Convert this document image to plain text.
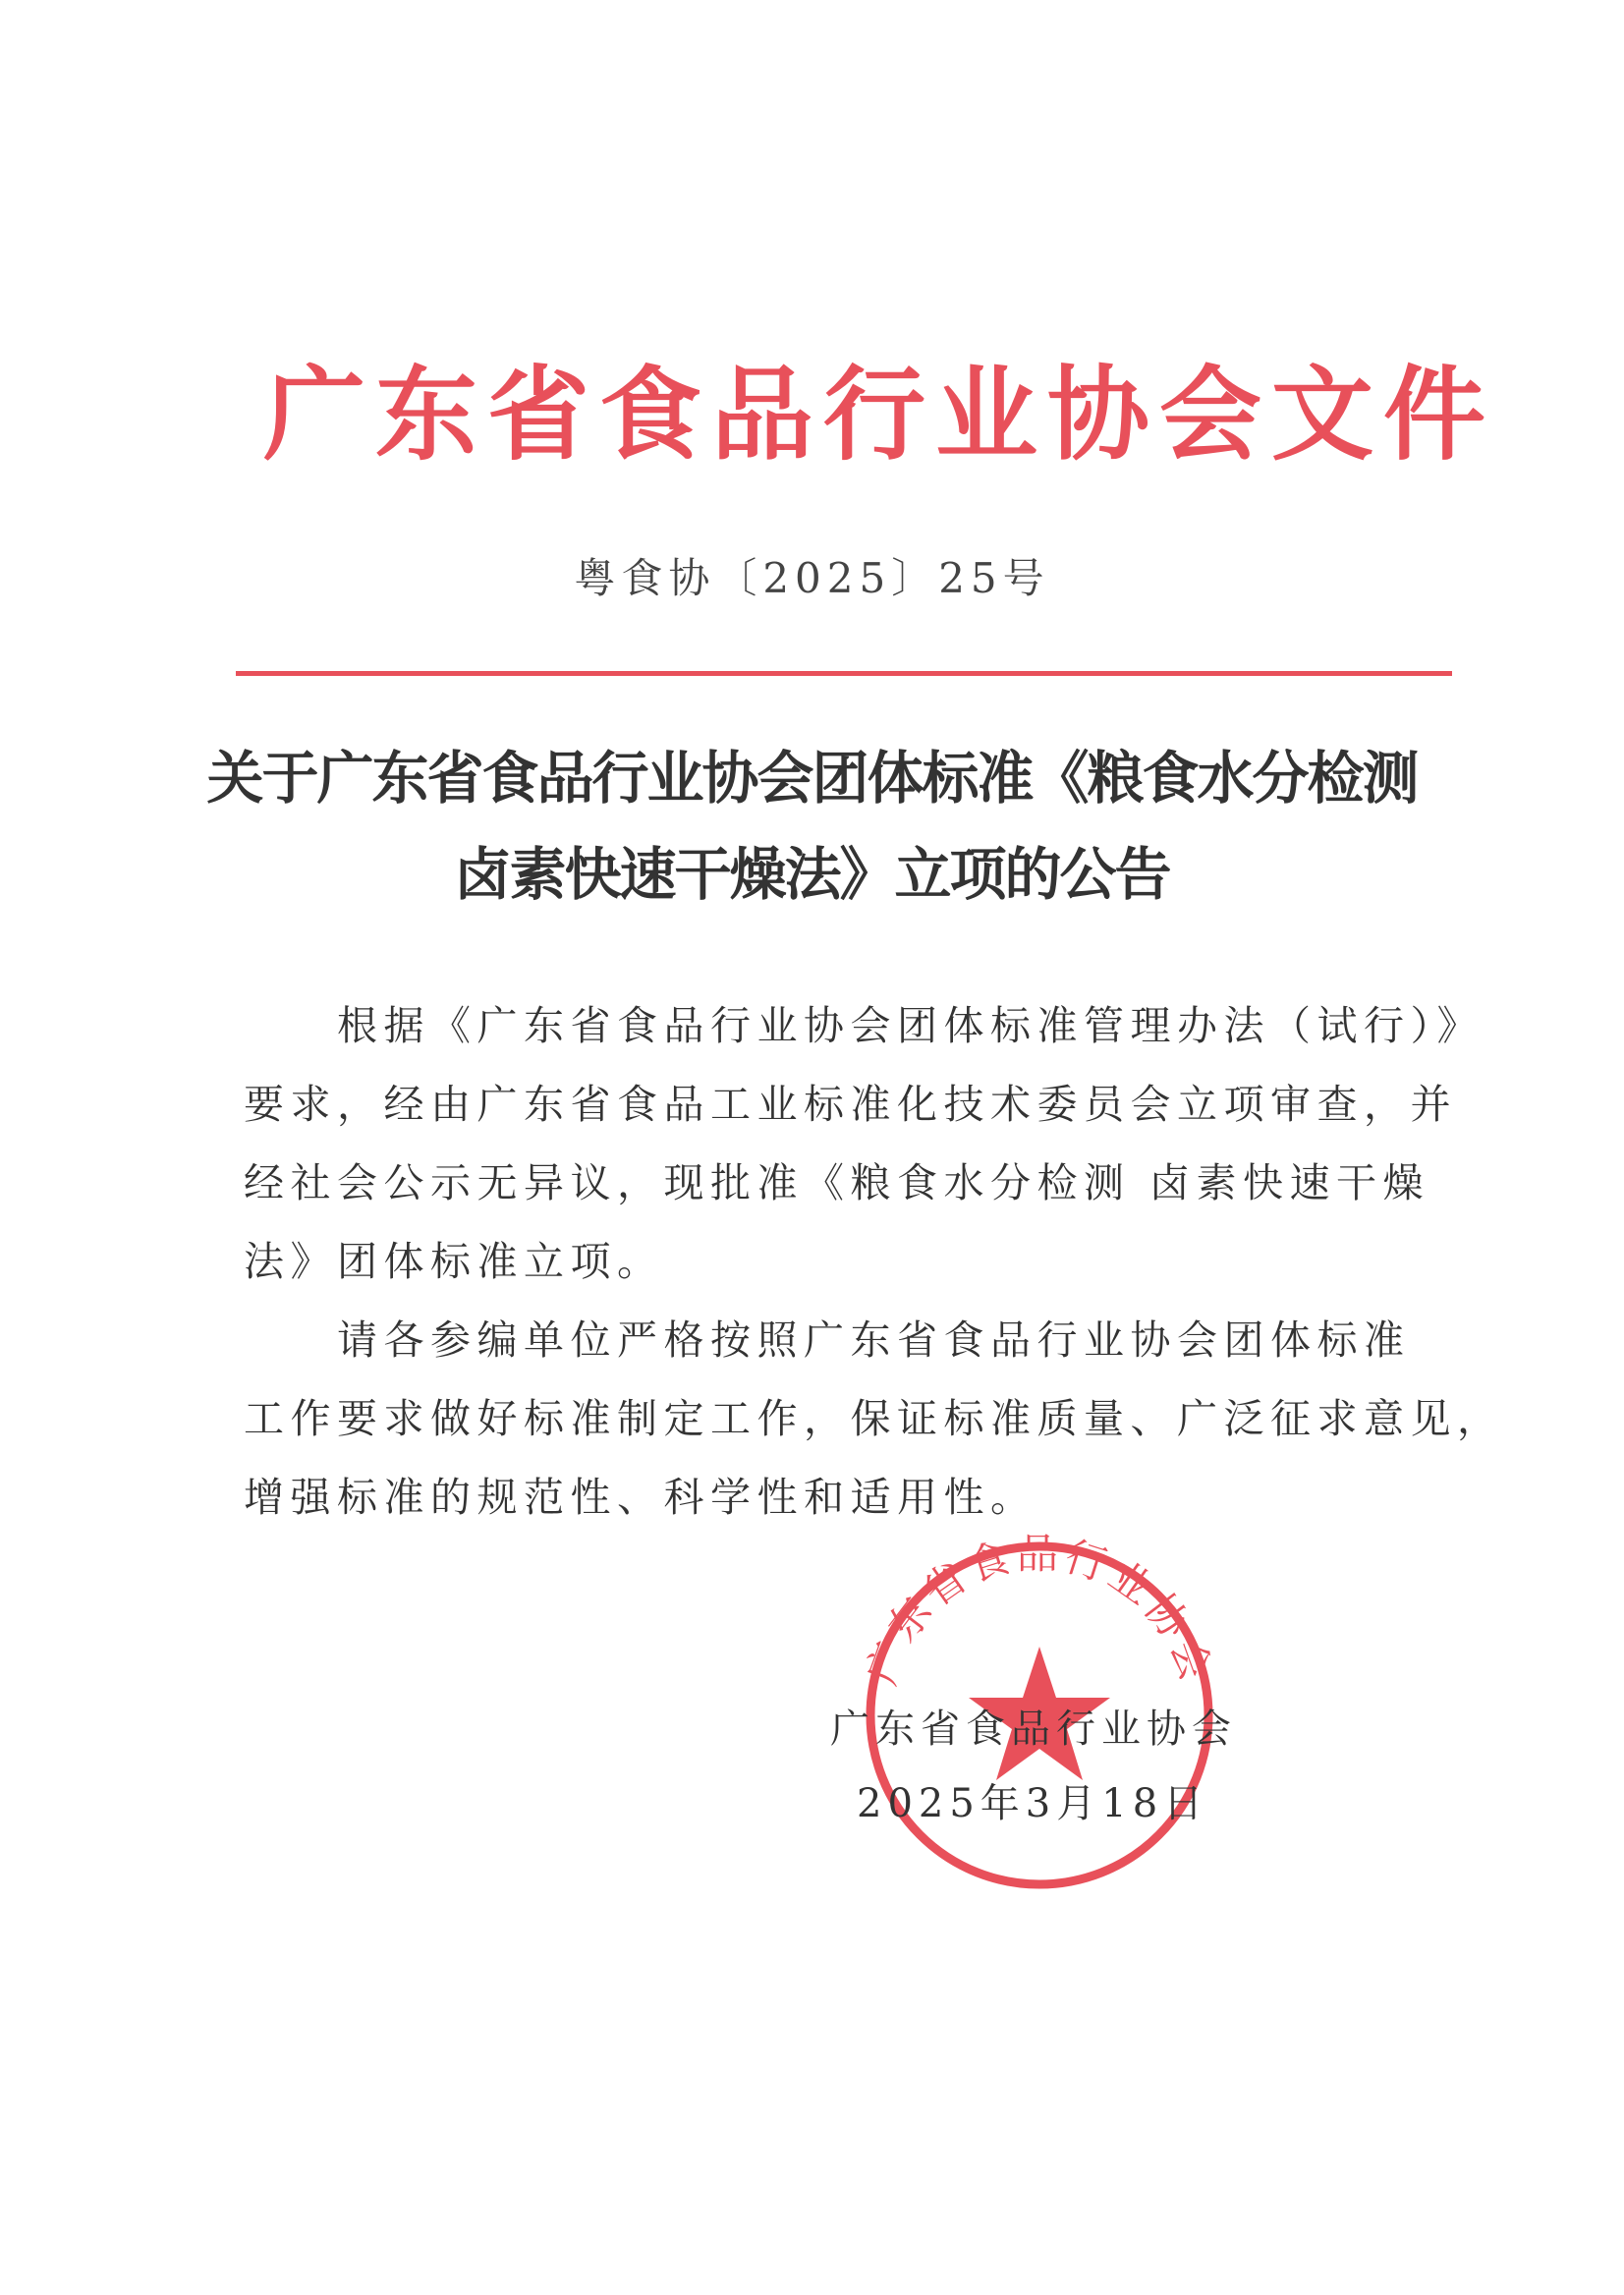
广东省食品行业协会文件
粤食协〔2025〕25号
关于广东省食品行业协会团体标准《粮食水分检测
卤素快速干燥法》立项的公告
　　根据《广东省食品行业协会团体标准管理办法（试行）》
要求，经由广东省食品工业标准化技术委员会立项审查，并
经社会公示无异议，现批准《粮食水分检测 卤素快速干燥
法》团体标准立项。
　　请各参编单位严格按照广东省食品行业协会团体标准
工作要求做好标准制定工作，保证标准质量、广泛征求意见，
增强标准的规范性、科学性和适用性。
广东省食品行业协会
广东省食品行业协会
2025年3月18日
